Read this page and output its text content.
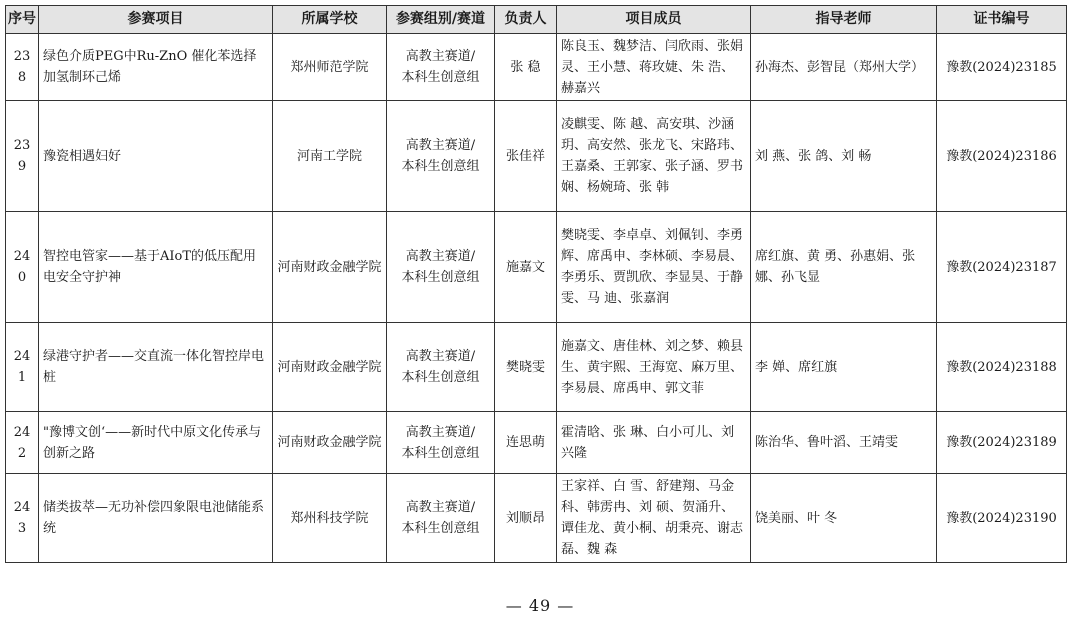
序号	参赛项目	所属学校	参赛组别/赛道	负责人	项目成员	指导老师	证书编号
238	绿色介质PEG中Ru-ZnO 催化苯选择加氢制环己烯	郑州师范学院	高教主赛道/
本科生创意组	张 稳	陈良玉、魏梦洁、闫欣雨、张娟灵、王小慧、蒋玫婕、朱 浩、赫嘉兴	孙海杰、彭智昆（郑州大学）	豫教(2024)23185
239	豫瓷相遇妇好	河南工学院	高教主赛道/
本科生创意组	张佳祥	凌麒雯、陈 越、高安琪、沙涵玥、高安然、张龙飞、宋路玮、王嘉桑、王郭家、张子涵、罗书娴、杨婉琦、张 韩	刘 燕、张 鸽、刘 畅	豫教(2024)23186
240	智控电管家——基于AIoT的低压配用电安全守护神	河南财政金融学院	高教主赛道/
本科生创意组	施嘉文	樊晓雯、李卓卓、刘佩钊、李勇辉、席禹申、李林硕、李易晨、李勇乐、贾凯欣、李显昊、于静雯、马 迪、张嘉润	席红旗、黄 勇、孙惠娟、张 娜、孙飞显	豫教(2024)23187
241	绿港守护者——交直流一体化智控岸电桩	河南财政金融学院	高教主赛道/
本科生创意组	樊晓雯	施嘉文、唐佳林、刘之梦、赖县生、黄宇熙、王海宽、麻万里、李易晨、席禹申、郭文菲	李 婵、席红旗	豫教(2024)23188
242	"豫博文创‘——新时代中原文化传承与创新之路	河南财政金融学院	高教主赛道/
本科生创意组	连思萌	霍清晗、张 琳、白小可儿、刘兴隆	陈治华、鲁叶滔、王靖雯	豫教(2024)23189
243	储类拔萃—无功补偿四象限电池储能系统	郑州科技学院	高教主赛道/
本科生创意组	刘顺昂	王家祥、白 雪、舒建翔、马金科、韩雳冉、刘 硕、贺涌升、谭佳龙、黄小桐、胡秉亮、谢志磊、魏 森	饶美丽、叶 冬	豫教(2024)23190
— 49 —
